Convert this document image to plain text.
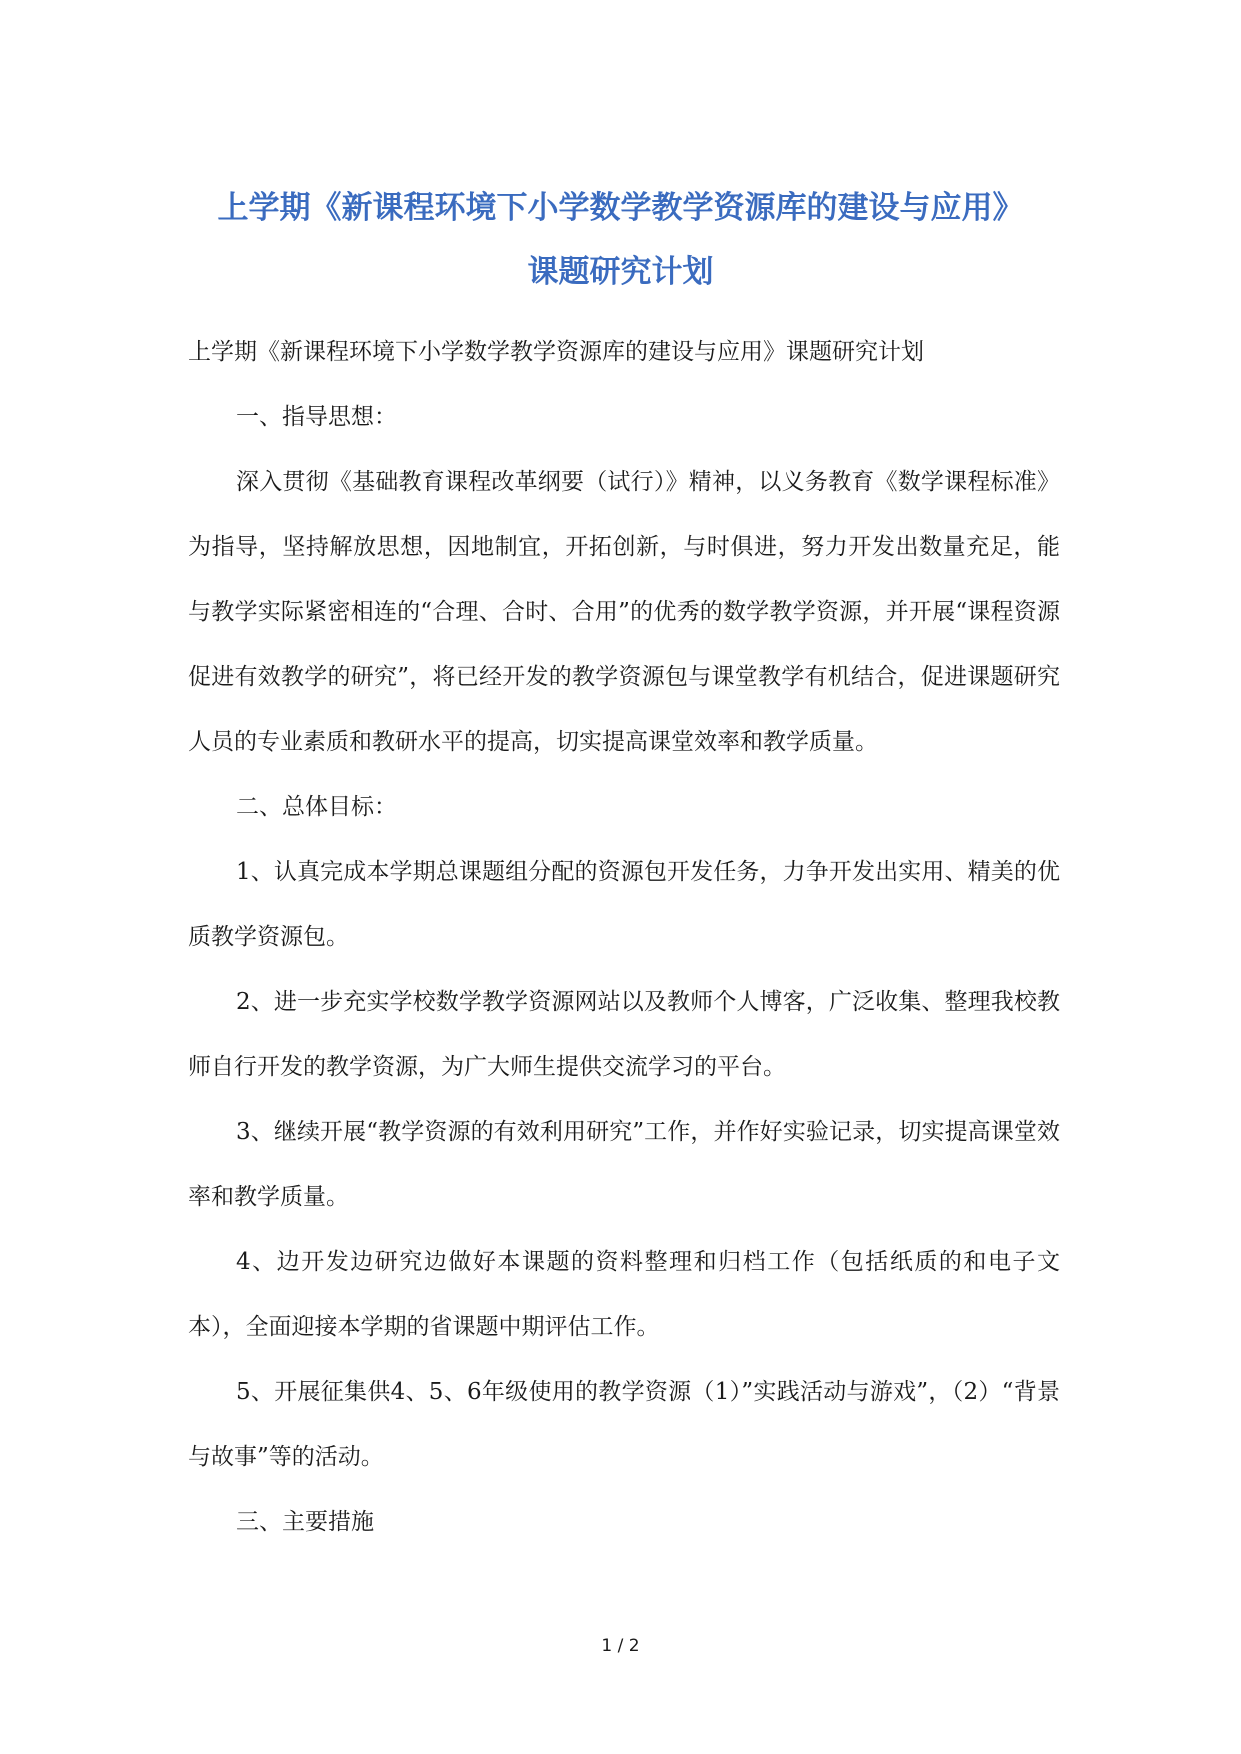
上学期《新课程环境下小学数学教学资源库的建设与应用》
课题研究计划

上学期《新课程环境下小学数学教学资源库的建设与应用》课题研究计划

一、指导思想：

深入贯彻《基础教育课程改革纲要（试行）》精神，以义务教育《数学课程标准》为指导，坚持解放思想，因地制宜，开拓创新，与时俱进，努力开发出数量充足，能与教学实际紧密相连的“合理、合时、合用”的优秀的数学教学资源，并开展“课程资源促进有效教学的研究”，将已经开发的教学资源包与课堂教学有机结合，促进课题研究人员的专业素质和教研水平的提高，切实提高课堂效率和教学质量。

二、总体目标：

1、认真完成本学期总课题组分配的资源包开发任务，力争开发出实用、精美的优质教学资源包。

2、进一步充实学校数学教学资源网站以及教师个人博客，广泛收集、整理我校教师自行开发的教学资源，为广大师生提供交流学习的平台。

3、继续开展“教学资源的有效利用研究”工作，并作好实验记录，切实提高课堂效率和教学质量。

4、边开发边研究边做好本课题的资料整理和归档工作（包括纸质的和电子文本），全面迎接本学期的省课题中期评估工作。

5、开展征集供4、5、6年级使用的教学资源（1）”实践活动与游戏”，（2）“背景与故事”等的活动。

三、主要措施

1 / 2
